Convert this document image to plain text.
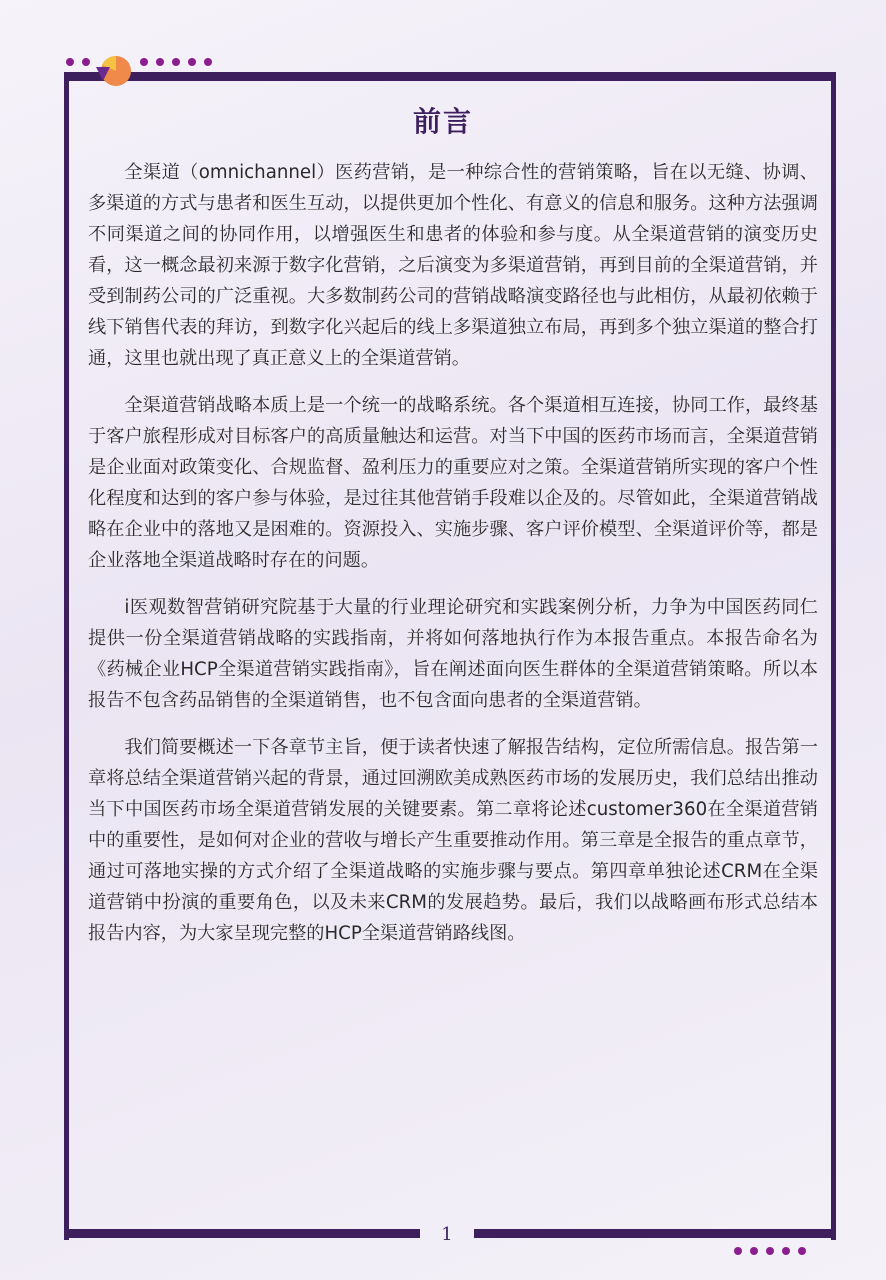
前言

全渠道（omnichannel）医药营销，是一种综合性的营销策略，旨在以无缝、协调、多渠道的方式与患者和医生互动，以提供更加个性化、有意义的信息和服务。这种方法强调不同渠道之间的协同作用，以增强医生和患者的体验和参与度。从全渠道营销的演变历史看，这一概念最初来源于数字化营销，之后演变为多渠道营销，再到目前的全渠道营销，并受到制药公司的广泛重视。大多数制药公司的营销战略演变路径也与此相仿，从最初依赖于线下销售代表的拜访，到数字化兴起后的线上多渠道独立布局，再到多个独立渠道的整合打通，这里也就出现了真正意义上的全渠道营销。

全渠道营销战略本质上是一个统一的战略系统。各个渠道相互连接，协同工作，最终基于客户旅程形成对目标客户的高质量触达和运营。对当下中国的医药市场而言，全渠道营销是企业面对政策变化、合规监督、盈利压力的重要应对之策。全渠道营销所实现的客户个性化程度和达到的客户参与体验，是过往其他营销手段难以企及的。尽管如此，全渠道营销战略在企业中的落地又是困难的。资源投入、实施步骤、客户评价模型、全渠道评价等，都是企业落地全渠道战略时存在的问题。

i医观数智营销研究院基于大量的行业理论研究和实践案例分析，力争为中国医药同仁提供一份全渠道营销战略的实践指南，并将如何落地执行作为本报告重点。本报告命名为《药械企业HCP全渠道营销实践指南》，旨在阐述面向医生群体的全渠道营销策略。所以本报告不包含药品销售的全渠道销售，也不包含面向患者的全渠道营销。

我们简要概述一下各章节主旨，便于读者快速了解报告结构，定位所需信息。报告第一章将总结全渠道营销兴起的背景，通过回溯欧美成熟医药市场的发展历史，我们总结出推动当下中国医药市场全渠道营销发展的关键要素。第二章将论述customer360在全渠道营销中的重要性，是如何对企业的营收与增长产生重要推动作用。第三章是全报告的重点章节，通过可落地实操的方式介绍了全渠道战略的实施步骤与要点。第四章单独论述CRM在全渠道营销中扮演的重要角色，以及未来CRM的发展趋势。最后，我们以战略画布形式总结本报告内容，为大家呈现完整的HCP全渠道营销路线图。

1
